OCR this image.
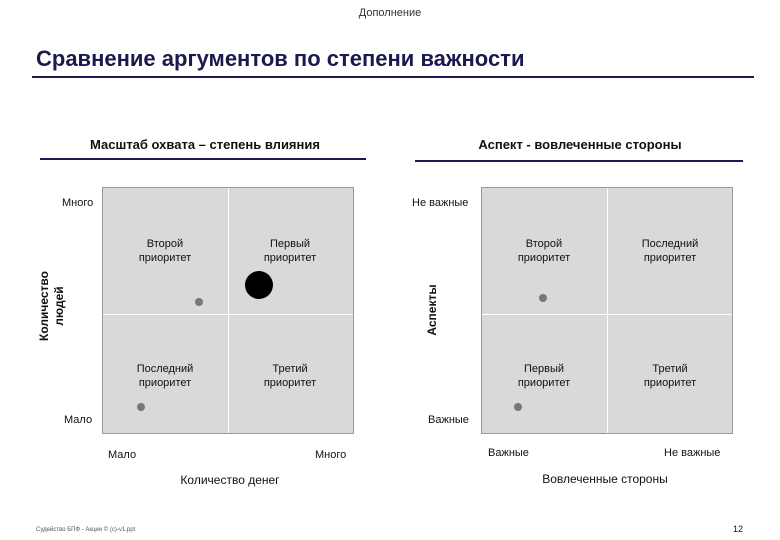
Дополнение
Сравнение аргументов по степени важности
Масштаб охвата – степень влияния
Много
Мало
Количество людей
Второй приоритет
Первый приоритет
Последний приоритет
Третий приоритет
Мало	Много
Количество денег
Аспект - вовлеченные стороны
Не важные
Важные
Аспекты
Второй приоритет
Последний приоритет
Первый приоритет
Третий приоритет
Важные	Не важные
Вовлеченные стороны
Судейство БПФ - Акции © (c)-v1.ppt	12
